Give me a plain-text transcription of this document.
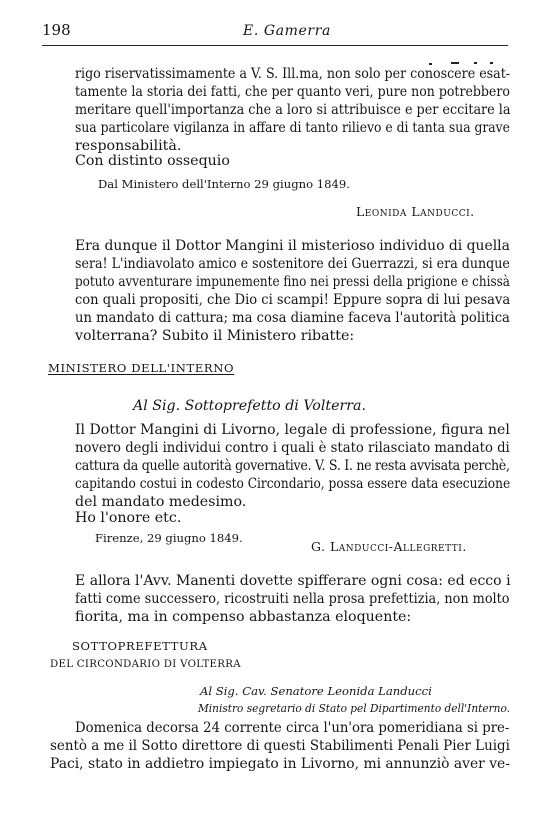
198	E. Gamerra
rigo riservatissimamente a V. S. Ill.ma, non solo per conoscere esat-
tamente la storia dei fatti, che per quanto veri, pure non potrebbero
meritare quell'importanza che a loro si attribuisce e per eccitare la
sua particolare vigilanza in affare di tanto rilievo e di tanta sua grave
responsabilità.
Con distinto ossequio
Dal Ministero dell'Interno 29 giugno 1849.
Leonida Landucci.
Era dunque il Dottor Mangini il misterioso individuo di quella
sera! L'indiavolato amico e sostenitore dei Guerrazzi, si era dunque
potuto avventurare impunemente fino nei pressi della prigione e chissà
con quali propositi, che Dio ci scampi! Eppure sopra di lui pesava
un mandato di cattura; ma cosa diamine faceva l'autorità politica
volterrana? Subito il Ministero ribatte:
MINISTERO DELL'INTERNO
Al Sig. Sottoprefetto di Volterra.
Il Dottor Mangini di Livorno, legale di professione, figura nel
novero degli individui contro i quali è stato rilasciato mandato di
cattura da quelle autorità governative. V. S. I. ne resta avvisata perchè,
capitando costui in codesto Circondario, possa essere data esecuzione
del mandato medesimo.
Ho l'onore etc.
Firenze, 29 giugno 1849.
G. Landucci-Allegretti.
E allora l'Avv. Manenti dovette spifferare ogni cosa: ed ecco i
fatti come successero, ricostruiti nella prosa prefettizia, non molto
fiorita, ma in compenso abbastanza eloquente:
SOTTOPREFETTURA
DEL CIRCONDARIO DI VOLTERRA
Al Sig. Cav. Senatore Leonida Landucci
Ministro segretario di Stato pel Dipartimento dell'Interno.
Domenica decorsa 24 corrente circa l'un'ora pomeridiana si pre-
sentò a me il Sotto direttore di questi Stabilimenti Penali Pier Luigi
Paci, stato in addietro impiegato in Livorno, mi annunziò aver ve-
